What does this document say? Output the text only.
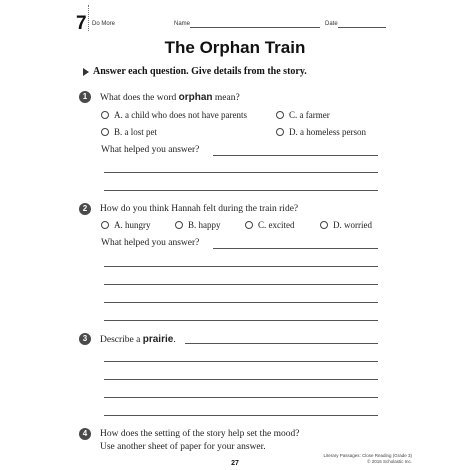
7 Do More	Name	Date
The Orphan Train
Answer each question. Give details from the story.
1	What does the word orphan mean?
A. a child who does not have parents	C. a farmer
B. a lost pet	D. a homeless person
What helped you answer?
2	How do you think Hannah felt during the train ride?
A. hungry	B. happy	C. excited	D. worried
What helped you answer?
3	Describe a prairie.
4	How does the setting of the story help set the mood?
Use another sheet of paper for your answer.
27
Literary Passages: Close Reading (Grade 3)
© 2016 Scholastic Inc.
